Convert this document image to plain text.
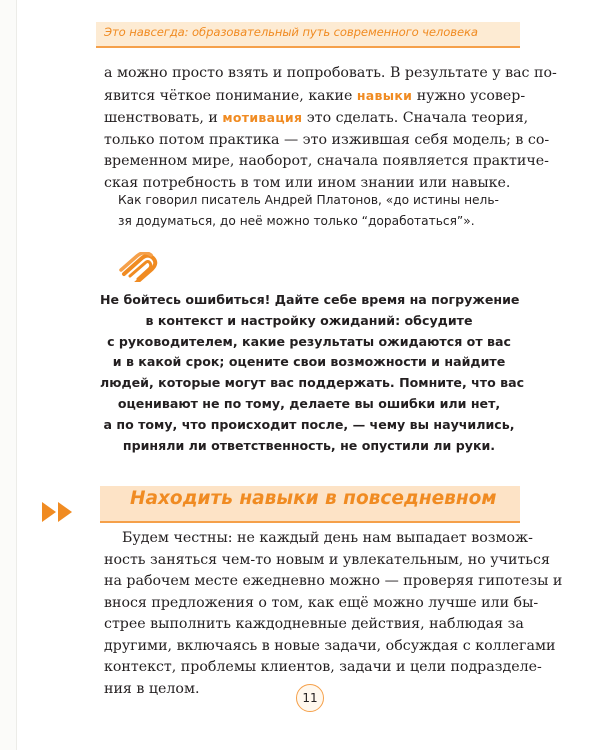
Это навсегда: образовательный путь современного человека
а можно просто взять и попробовать. В результате у вас по-
явится чёткое понимание, какие навыки нужно усовер-
шенствовать, и мотивация это сделать. Сначала теория,
только потом практика — это изжившая себя модель; в со-
временном мире, наоборот, сначала появляется практиче-
ская потребность в том или ином знании или навыке.
Как говорил писатель Андрей Платонов, «до истины нель-
зя додуматься, до неё можно только “доработаться”».
Не бойтесь ошибиться! Дайте себе время на погружение
в контекст и настройку ожиданий: обсудите
с руководителем, какие результаты ожидаются от вас
и в какой срок; оцените свои возможности и найдите
людей, которые могут вас поддержать. Помните, что вас
оценивают не по тому, делаете вы ошибки или нет,
а по тому, что происходит после, — чему вы научились,
приняли ли ответственность, не опустили ли руки.
Находить навыки в повседневном
Будем честны: не каждый день нам выпадает возмож-
ность заняться чем-то новым и увлекательным, но учиться
на рабочем месте ежедневно можно — проверяя гипотезы и
внося предложения о том, как ещё можно лучше или бы-
стрее выполнить каждодневные действия, наблюдая за
другими, включаясь в новые задачи, обсуждая с коллегами
контекст, проблемы клиентов, задачи и цели подразделе-
ния в целом.
11
